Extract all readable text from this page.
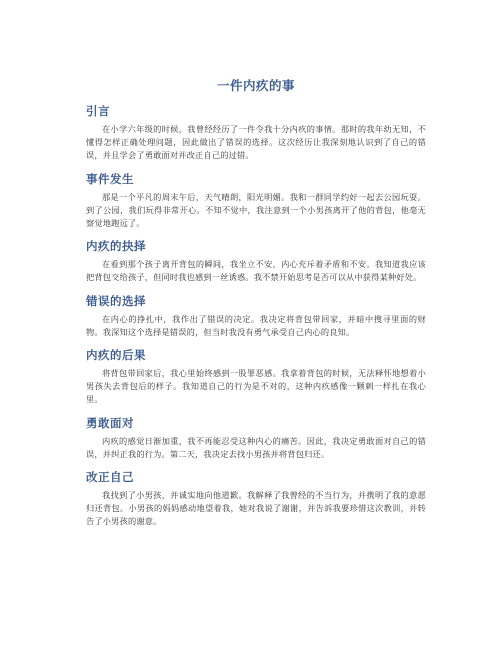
一件内疚的事
引言

在小学六年级的时候，我曾经经历了一件令我十分内疚的事情。那时的我年幼无知，不懂得怎样正确处理问题，因此做出了错误的选择。这次经历让我深刻地认识到了自己的错误，并且学会了勇敢面对并改正自己的过错。

事件发生

那是一个平凡的周末午后，天气晴朗，阳光明媚。我和一群同学约好一起去公园玩耍。到了公园，我们玩得非常开心。不知不觉中，我注意到一个小男孩离开了他的背包，他毫无察觉地跑远了。

内疚的抉择

在看到那个孩子离开背包的瞬间，我坐立不安，内心充斥着矛盾和不安。我知道我应该把背包交给孩子，但同时我也感到一丝诱惑。我不禁开始思考是否可以从中获得某种好处。

错误的选择

在内心的挣扎中，我作出了错误的决定。我决定将背包带回家，并暗中搜寻里面的财物。我深知这个选择是错误的，但当时我没有勇气承受自己内心的良知。

内疚的后果

将背包带回家后，我心里始终感到一股罪恶感。我拿着背包的时候，无法释怀地想着小男孩失去背包后的样子。我知道自己的行为是不对的，这种内疚感像一颗刺一样扎在我心里。

勇敢面对

内疚的感觉日渐加重，我不再能忍受这种内心的痛苦。因此，我决定勇敢面对自己的错误，并纠正我的行为。第二天，我决定去找小男孩并将背包归还。

改正自己

我找到了小男孩，并诚实地向他道歉。我解释了我曾经的不当行为，并携明了我的意愿归还背包。小男孩的妈妈感动地望着我，她对我说了谢谢，并告诉我要珍惜这次教训，并转告了小男孩的谢意。
